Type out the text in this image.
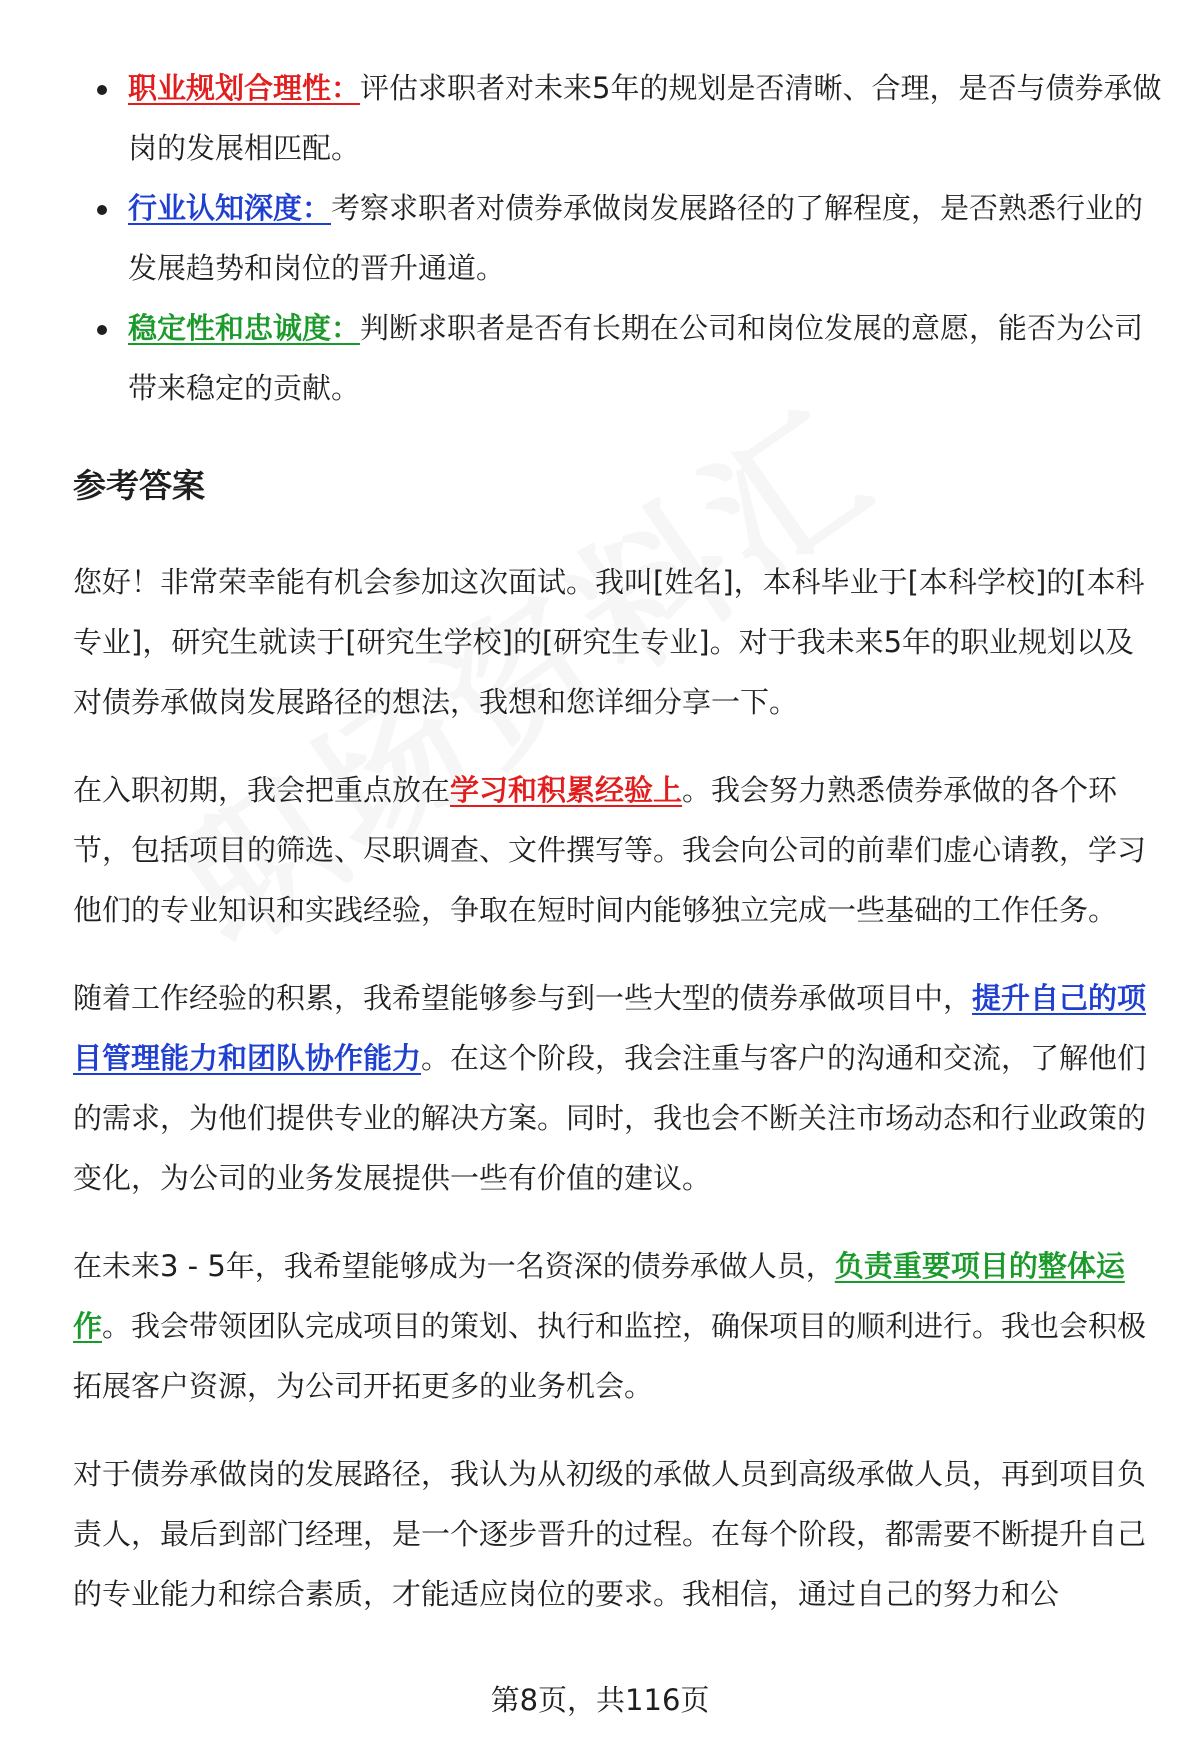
职业规划合理性：评估求职者对未来5年的规划是否清晰、合理，是否与债券承做岗的发展相匹配。
行业认知深度：考察求职者对债券承做岗发展路径的了解程度，是否熟悉行业的发展趋势和岗位的晋升通道。
稳定性和忠诚度：判断求职者是否有长期在公司和岗位发展的意愿，能否为公司带来稳定的贡献。
参考答案

您好！非常荣幸能有机会参加这次面试。我叫[姓名]，本科毕业于[本科学校]的[本科专业]，研究生就读于[研究生学校]的[研究生专业]。对于我未来5年的职业规划以及对债券承做岗发展路径的想法，我想和您详细分享一下。

在入职初期，我会把重点放在学习和积累经验上。我会努力熟悉债券承做的各个环节，包括项目的筛选、尽职调查、文件撰写等。我会向公司的前辈们虚心请教，学习他们的专业知识和实践经验，争取在短时间内能够独立完成一些基础的工作任务。

随着工作经验的积累，我希望能够参与到一些大型的债券承做项目中，提升自己的项目管理能力和团队协作能力。在这个阶段，我会注重与客户的沟通和交流，了解他们的需求，为他们提供专业的解决方案。同时，我也会不断关注市场动态和行业政策的变化，为公司的业务发展提供一些有价值的建议。

在未来3 - 5年，我希望能够成为一名资深的债券承做人员，负责重要项目的整体运作。我会带领团队完成项目的策划、执行和监控，确保项目的顺利进行。我也会积极拓展客户资源，为公司开拓更多的业务机会。

对于债券承做岗的发展路径，我认为从初级的承做人员到高级承做人员，再到项目负责人，最后到部门经理，是一个逐步晋升的过程。在每个阶段，都需要不断提升自己的专业能力和综合素质，才能适应岗位的要求。我相信，通过自己的努力和公

第8页，共116页
